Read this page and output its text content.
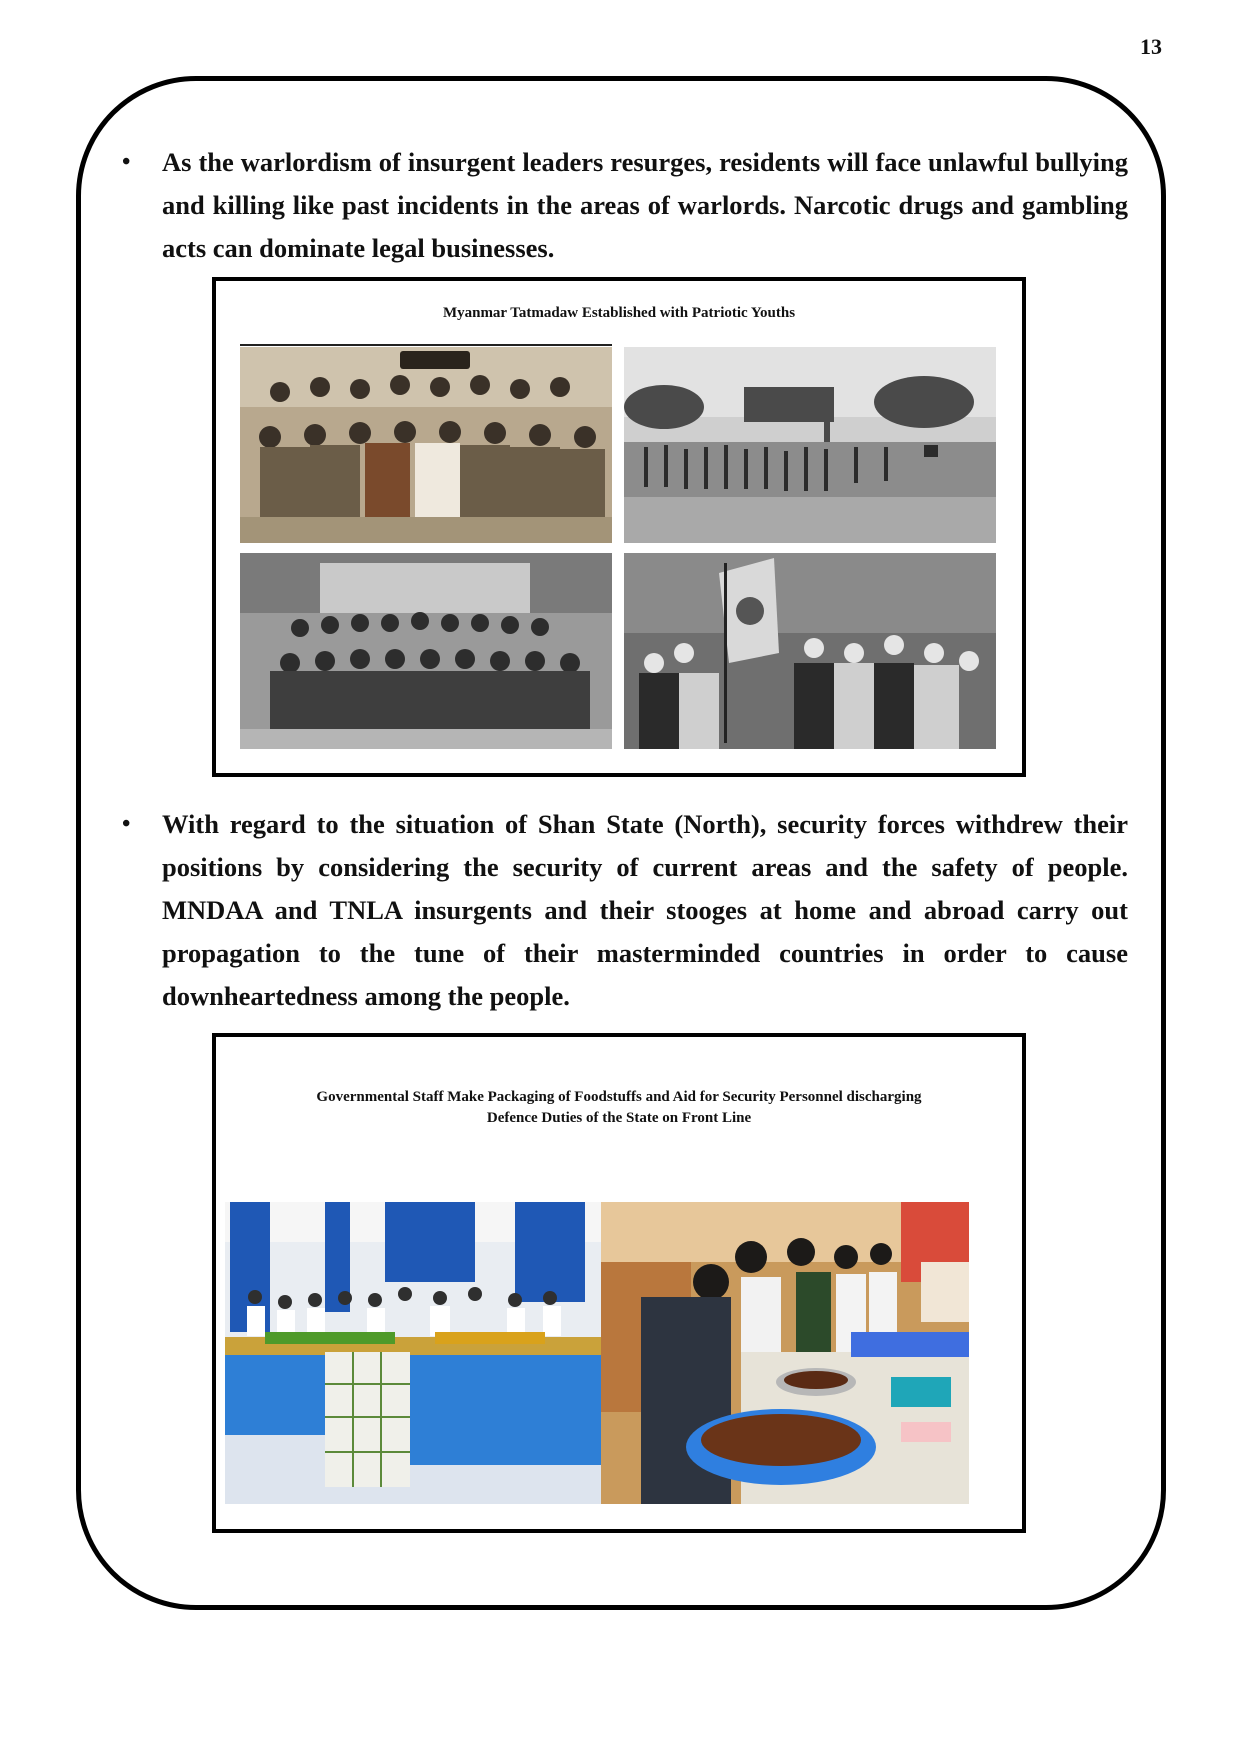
13
• As the warlordism of insurgent leaders resurges, residents will face unlawful bullying and killing like past incidents in the areas of warlords. Narcotic drugs and gambling acts can dominate legal businesses.

Myanmar Tatmadaw Established with Patriotic Youths
• With regard to the situation of Shan State (North), security forces withdrew their positions by considering the security of current areas and the safety of people. MNDAA and TNLA insurgents and their stooges at home and abroad carry out propagation to the tune of their masterminded countries in order to cause downheartedness among the people.

Governmental Staff Make Packaging of Foodstuffs and Aid for Security Personnel discharging
Defence Duties of the State on Front Line
